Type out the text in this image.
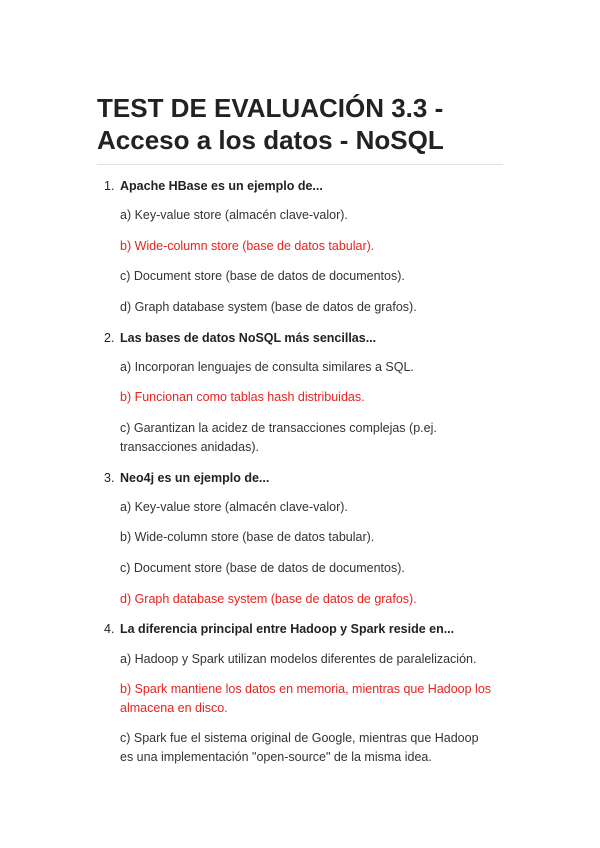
TEST DE EVALUACIÓN 3.3 -
Acceso a los datos - NoSQL
1. Apache HBase es un ejemplo de...
a) Key-value store (almacén clave-valor).
b) Wide-column store (base de datos tabular).
c) Document store (base de datos de documentos).
d) Graph database system (base de datos de grafos).
2. Las bases de datos NoSQL más sencillas...
a) Incorporan lenguajes de consulta similares a SQL.
b) Funcionan como tablas hash distribuidas.
c) Garantizan la acidez de transacciones complejas (p.ej. transacciones anidadas).
3. Neo4j es un ejemplo de...
a) Key-value store (almacén clave-valor).
b) Wide-column store (base de datos tabular).
c) Document store (base de datos de documentos).
d) Graph database system (base de datos de grafos).
4. La diferencia principal entre Hadoop y Spark reside en...
a) Hadoop y Spark utilizan modelos diferentes de paralelización.
b) Spark mantiene los datos en memoria, mientras que Hadoop los almacena en disco.
c) Spark fue el sistema original de Google, mientras que Hadoop es una implementación "open-source" de la misma idea.
